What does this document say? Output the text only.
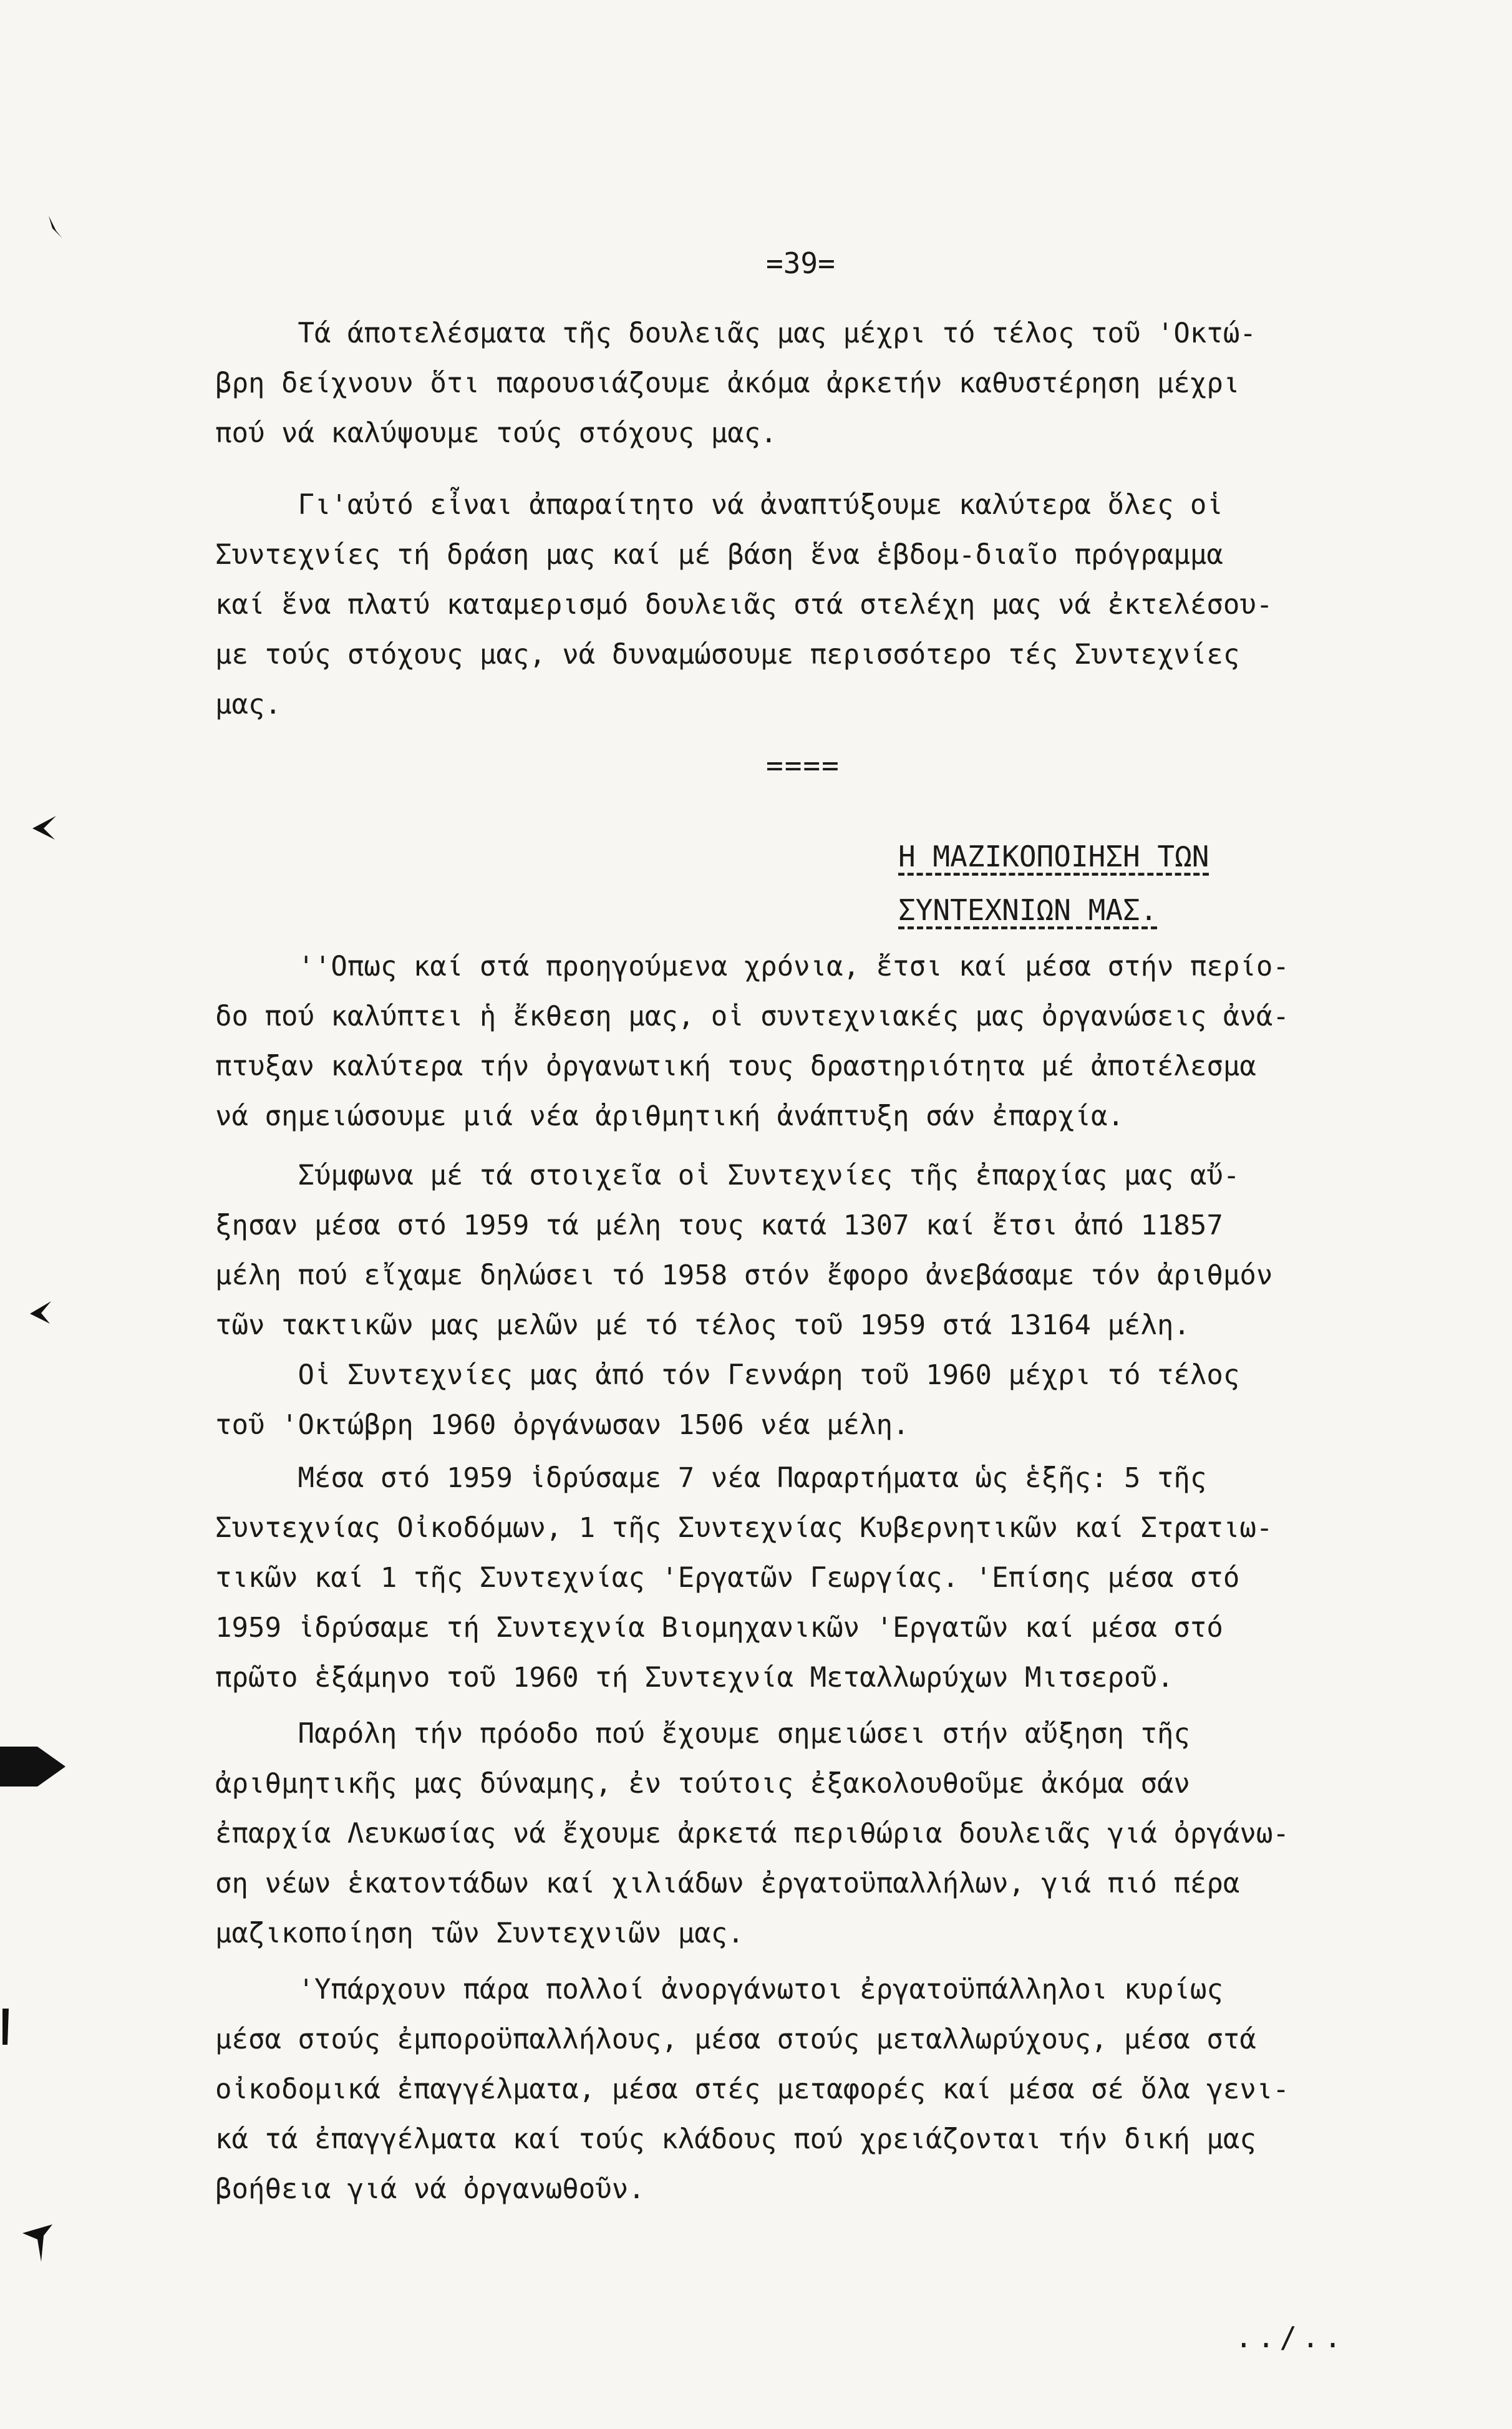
=39=

Τά άποτελέσματα τῆς δουλειᾶς μας μέχρι τό τέλος τοῦ 'Οκτώ-
βρη δείχνουν ὅτι παρουσιάζουμε ἀκόμα ἀρκετήν καθυστέρηση μέχρι
πού νά καλύψουμε τούς στόχους μας.

Γι'αὐτό εἶναι ἀπαραίτητο νά ἀναπτύξουμε καλύτερα ὅλες οἱ
Συντεχνίες τή δράση μας καί μέ βάση ἕνα ἑβδομ-διαῖο πρόγραμμα
καί ἕνα πλατύ καταμερισμό δουλειᾶς στά στελέχη μας νά ἐκτελέσου-
με τούς στόχους μας, νά δυναμώσουμε περισσότερο τές Συντεχνίες
μας.

====
Η ΜΑΖΙΚΟΠΟΙΗΣΗ ΤΩΝ
ΣΥΝΤΕΧΝΙΩΝ ΜΑΣ.

''Οπως καί στά προηγούμενα χρόνια, ἔτσι καί μέσα στήν περίο-
δο πού καλύπτει ἡ ἔκθεση μας, οἱ συντεχνιακές μας ὀργανώσεις ἀνά-
πτυξαν καλύτερα τήν ὀργανωτική τους δραστηριότητα μέ ἀποτέλεσμα
νά σημειώσουμε μιά νέα ἀριθμητική ἀνάπτυξη σάν ἐπαρχία.

Σύμφωνα μέ τά στοιχεῖα οἱ Συντεχνίες τῆς ἐπαρχίας μας αὔ-
ξησαν μέσα στό 1959 τά μέλη τους κατά 1307 καί ἔτσι ἀπό 11857
μέλη πού εἴχαμε δηλώσει τό 1958 στόν ἔφορο ἀνεβάσαμε τόν ἀριθμόν
τῶν τακτικῶν μας μελῶν μέ τό τέλος τοῦ 1959 στά 13164 μέλη.

Οἱ Συντεχνίες μας ἀπό τόν Γεννάρη τοῦ 1960 μέχρι τό τέλος
τοῦ 'Οκτώβρη 1960 ὀργάνωσαν 1506 νέα μέλη.

Μέσα στό 1959 ἱδρύσαμε 7 νέα Παραρτήματα ὡς ἑξῆς: 5 τῆς
Συντεχνίας Οἰκοδόμων, 1 τῆς Συντεχνίας Κυβερνητικῶν καί Στρατιω-
τικῶν καί 1 τῆς Συντεχνίας 'Εργατῶν Γεωργίας. 'Επίσης μέσα στό
1959 ἱδρύσαμε τή Συντεχνία Βιομηχανικῶν 'Εργατῶν καί μέσα στό
πρῶτο ἑξάμηνο τοῦ 1960 τή Συντεχνία Μεταλλωρύχων Μιτσεροῦ.

Παρόλη τήν πρόοδο πού ἔχουμε σημειώσει στήν αὔξηση τῆς
ἀριθμητικῆς μας δύναμης, ἐν τούτοις ἐξακολουθοῦμε ἀκόμα σάν
ἐπαρχία Λευκωσίας νά ἔχουμε ἀρκετά περιθώρια δουλειᾶς γιά ὀργάνω-
ση νέων ἑκατοντάδων καί χιλιάδων ἐργατοϋπαλλήλων, γιά πιό πέρα
μαζικοποίηση τῶν Συντεχνιῶν μας.

'Υπάρχουν πάρα πολλοί ἀνοργάνωτοι ἐργατοϋπάλληλοι κυρίως
μέσα στούς ἐμποροϋπαλλήλους, μέσα στούς μεταλλωρύχους, μέσα στά
οἰκοδομικά ἐπαγγέλματα, μέσα στές μεταφορές καί μέσα σέ ὅλα γενι-
κά τά ἐπαγγέλματα καί τούς κλάδους πού χρειάζονται τήν δική μας
βοήθεια γιά νά ὀργανωθοῦν.

../..
